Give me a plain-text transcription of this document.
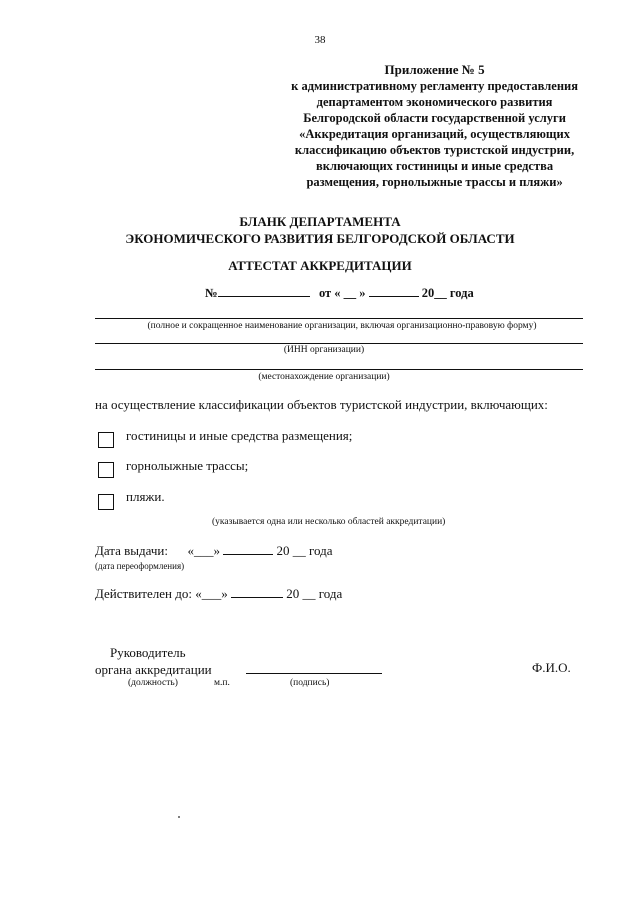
38
Приложение № 5
к административному регламенту предоставления
департаментом экономического развития
Белгородской области государственной услуги
«Аккредитация организаций, осуществляющих
классификацию объектов туристской индустрии,
включающих гостиницы и иные средства
размещения, горнолыжные трассы и пляжи»
БЛАНК ДЕПАРТАМЕНТА
ЭКОНОМИЧЕСКОГО РАЗВИТИЯ БЕЛГОРОДСКОЙ ОБЛАСТИ
АТТЕСТАТ АККРЕДИТАЦИИ
№	от « __ »	20__ года
(полное и сокращенное наименование организации, включая организационно-правовую форму)
(ИНН организации)
(местонахождение организации)
на осуществление классификации объектов туристской индустрии, включающих:
гостиницы и иные средства размещения;
горнолыжные трассы;
пляжи.
(указывается одна или несколько областей аккредитации)
Дата выдачи: «___»	20 __ года
(дата переоформления)
Действителен до: «___»	20 __ года
Руководитель
органа аккредитации	Ф.И.О.
(должность)	м.п.	(подпись)
